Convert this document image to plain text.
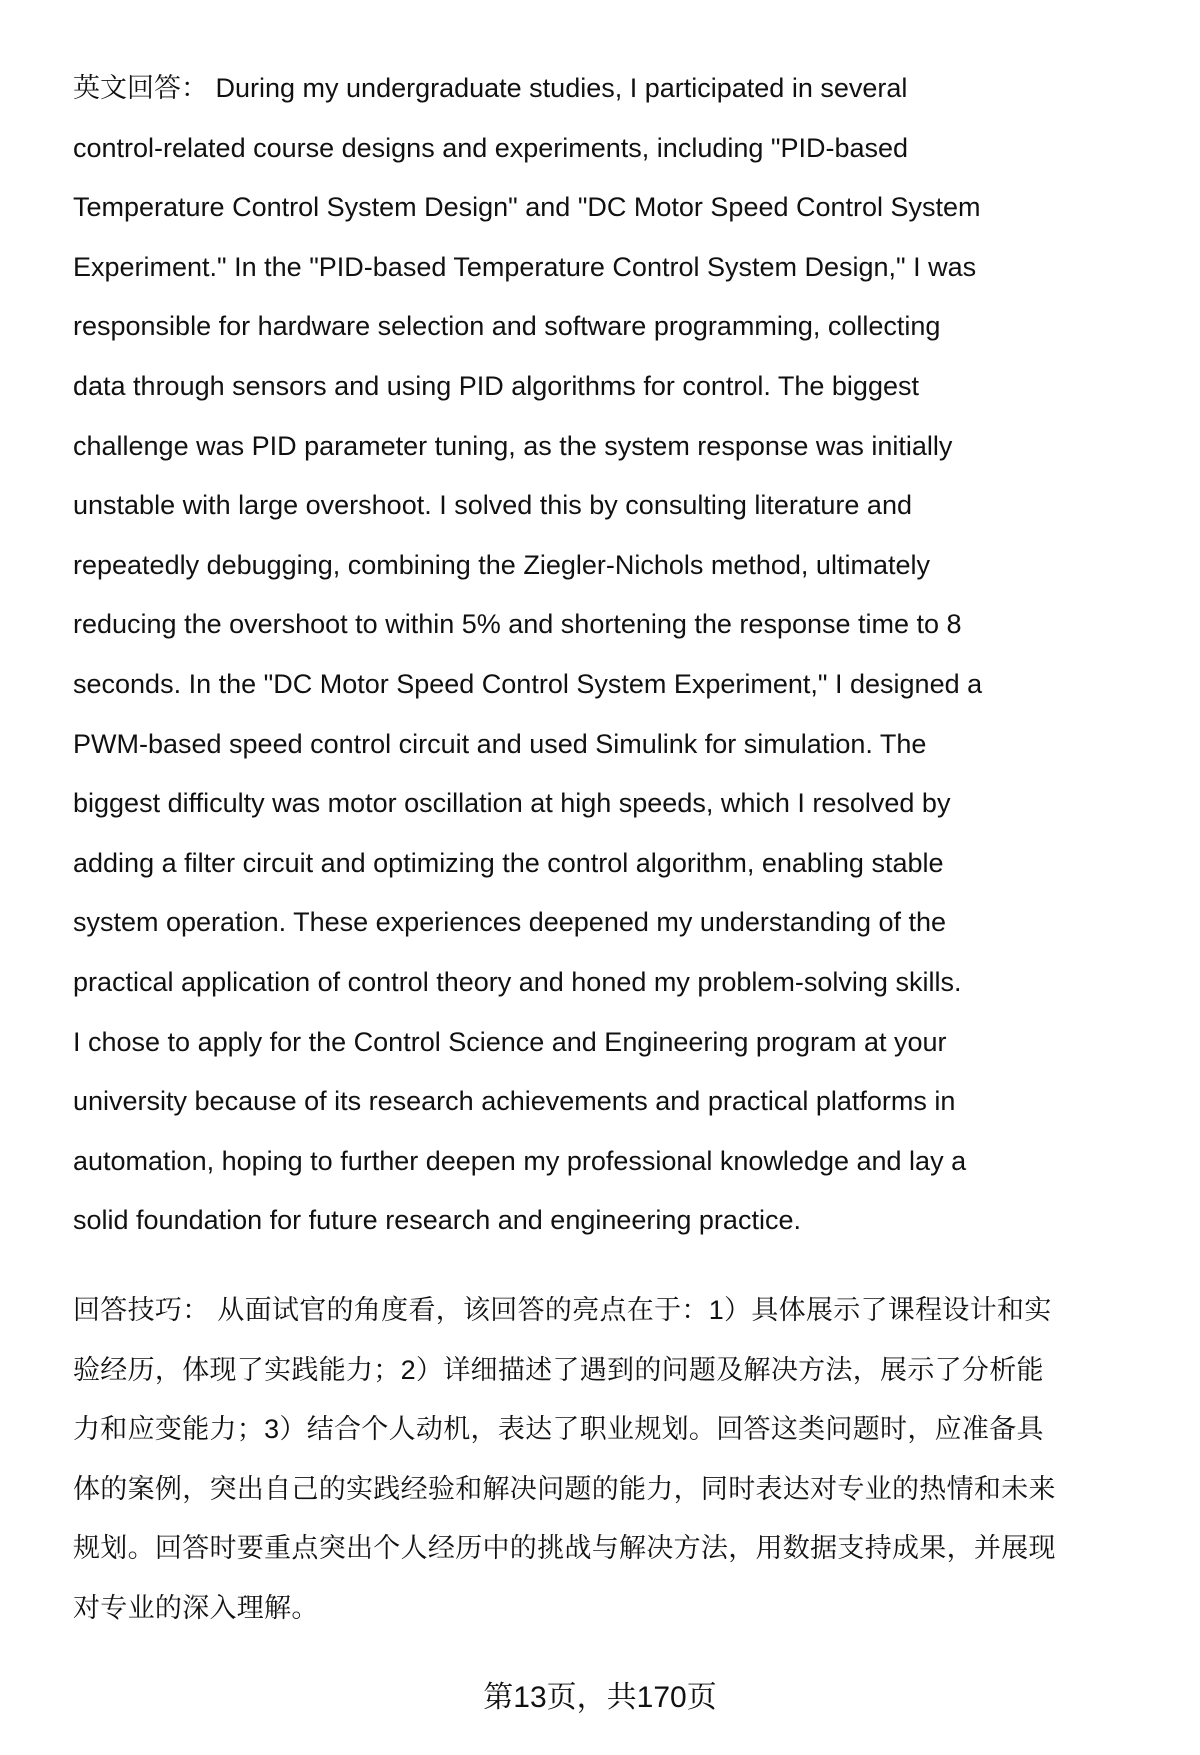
英文回答： During my undergraduate studies, I participated in several
control-related course designs and experiments, including "PID-based
Temperature Control System Design" and "DC Motor Speed Control System
Experiment." In the "PID-based Temperature Control System Design," I was
responsible for hardware selection and software programming, collecting
data through sensors and using PID algorithms for control. The biggest
challenge was PID parameter tuning, as the system response was initially
unstable with large overshoot. I solved this by consulting literature and
repeatedly debugging, combining the Ziegler-Nichols method, ultimately
reducing the overshoot to within 5% and shortening the response time to 8
seconds. In the "DC Motor Speed Control System Experiment," I designed a
PWM-based speed control circuit and used Simulink for simulation. The
biggest difficulty was motor oscillation at high speeds, which I resolved by
adding a filter circuit and optimizing the control algorithm, enabling stable
system operation. These experiences deepened my understanding of the
practical application of control theory and honed my problem-solving skills.
I chose to apply for the Control Science and Engineering program at your
university because of its research achievements and practical platforms in
automation, hoping to further deepen my professional knowledge and lay a
solid foundation for future research and engineering practice.
回答技巧： 从面试官的角度看，该回答的亮点在于：1）具体展示了课程设计和实
验经历，体现了实践能力；2）详细描述了遇到的问题及解决方法，展示了分析能
力和应变能力；3）结合个人动机，表达了职业规划。回答这类问题时，应准备具
体的案例，突出自己的实践经验和解决问题的能力，同时表达对专业的热情和未来
规划。回答时要重点突出个人经历中的挑战与解决方法，用数据支持成果，并展现
对专业的深入理解。
第13页，共170页
